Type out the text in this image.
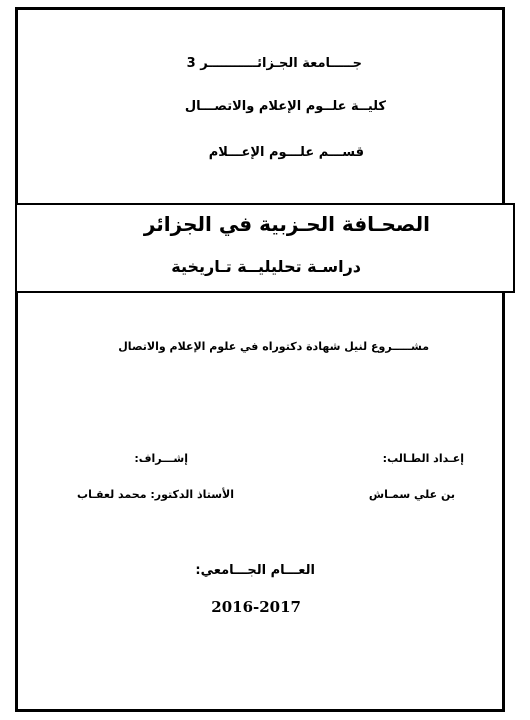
جـــــامعة الجـزائـــــــــــر 3
كليــة علــوم الإعلام والاتصـــال
قســـم علـــوم الإعـــلام
الصحـافة الحـزبية في الجزائر
دراسـة تحليليــة تـاريخية
مشـــــروع لنيل شهادة دكتوراه في علوم الإعلام والاتصال
إعـداد الطـالب:
بن علي سمـاش
إشـــراف:
الأستاذ الدكتور: محمد لعقـاب
العـــام الجـــامعي:
2016-2017
